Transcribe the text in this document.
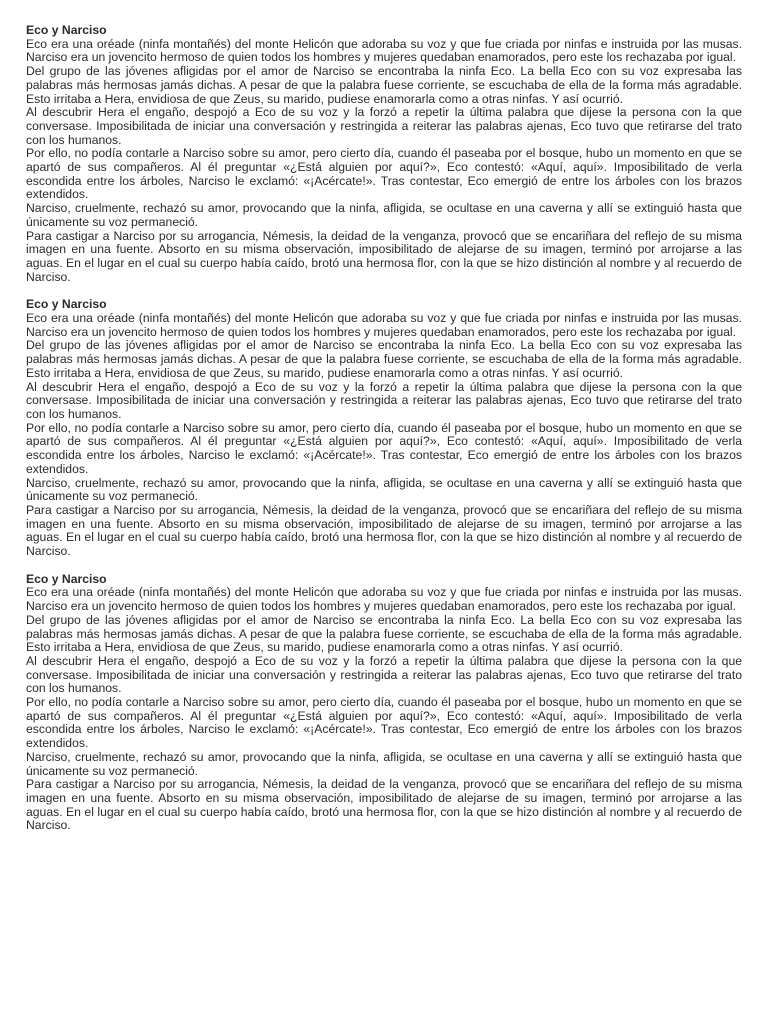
Eco y Narciso
Eco era una oréade (ninfa montañés) del monte Helicón que adoraba su voz y que fue criada por ninfas e instruida por las musas. Narciso era un jovencito hermoso de quien todos los hombres y mujeres quedaban enamorados, pero este los rechazaba por igual.
Del grupo de las jóvenes afligidas por el amor de Narciso se encontraba la ninfa Eco. La bella Eco con su voz expresaba las palabras más hermosas jamás dichas. A pesar de que la palabra fuese corriente, se escuchaba de ella de la forma más agradable. Esto irritaba a Hera, envidiosa de que Zeus, su marido, pudiese enamorarla como a otras ninfas. Y así ocurrió.
Al descubrir Hera el engaño, despojó a Eco de su voz y la forzó a repetir la última palabra que dijese la persona con la que conversase. Imposibilitada de iniciar una conversación y restringida a reiterar las palabras ajenas, Eco tuvo que retirarse del trato con los humanos.
Por ello, no podía contarle a Narciso sobre su amor, pero cierto día, cuando él paseaba por el bosque, hubo un momento en que se apartó de sus compañeros. Al él preguntar «¿Está alguien por aquí?», Eco contestó: «Aquí, aquí». Imposibilitado de verla escondida entre los árboles, Narciso le exclamó: «¡Acércate!». Tras contestar, Eco emergió de entre los árboles con los brazos extendidos.
Narciso, cruelmente, rechazó su amor, provocando que la ninfa, afligida, se ocultase en una caverna y allí se extinguió hasta que únicamente su voz permaneció.
Para castigar a Narciso por su arrogancia, Némesis, la deidad de la venganza, provocó que se encariñara del reflejo de su misma imagen en una fuente. Absorto en su misma observación, imposibilitado de alejarse de su imagen, terminó por arrojarse a las aguas. En el lugar en el cual su cuerpo había caído, brotó una hermosa flor, con la que se hizo distinción al nombre y al recuerdo de Narciso.
Eco y Narciso
Eco era una oréade (ninfa montañés) del monte Helicón que adoraba su voz y que fue criada por ninfas e instruida por las musas. Narciso era un jovencito hermoso de quien todos los hombres y mujeres quedaban enamorados, pero este los rechazaba por igual.
Del grupo de las jóvenes afligidas por el amor de Narciso se encontraba la ninfa Eco. La bella Eco con su voz expresaba las palabras más hermosas jamás dichas. A pesar de que la palabra fuese corriente, se escuchaba de ella de la forma más agradable. Esto irritaba a Hera, envidiosa de que Zeus, su marido, pudiese enamorarla como a otras ninfas. Y así ocurrió.
Al descubrir Hera el engaño, despojó a Eco de su voz y la forzó a repetir la última palabra que dijese la persona con la que conversase. Imposibilitada de iniciar una conversación y restringida a reiterar las palabras ajenas, Eco tuvo que retirarse del trato con los humanos.
Por ello, no podía contarle a Narciso sobre su amor, pero cierto día, cuando él paseaba por el bosque, hubo un momento en que se apartó de sus compañeros. Al él preguntar «¿Está alguien por aquí?», Eco contestó: «Aquí, aquí». Imposibilitado de verla escondida entre los árboles, Narciso le exclamó: «¡Acércate!». Tras contestar, Eco emergió de entre los árboles con los brazos extendidos.
Narciso, cruelmente, rechazó su amor, provocando que la ninfa, afligida, se ocultase en una caverna y allí se extinguió hasta que únicamente su voz permaneció.
Para castigar a Narciso por su arrogancia, Némesis, la deidad de la venganza, provocó que se encariñara del reflejo de su misma imagen en una fuente. Absorto en su misma observación, imposibilitado de alejarse de su imagen, terminó por arrojarse a las aguas. En el lugar en el cual su cuerpo había caído, brotó una hermosa flor, con la que se hizo distinción al nombre y al recuerdo de Narciso.
Eco y Narciso
Eco era una oréade (ninfa montañés) del monte Helicón que adoraba su voz y que fue criada por ninfas e instruida por las musas. Narciso era un jovencito hermoso de quien todos los hombres y mujeres quedaban enamorados, pero este los rechazaba por igual.
Del grupo de las jóvenes afligidas por el amor de Narciso se encontraba la ninfa Eco. La bella Eco con su voz expresaba las palabras más hermosas jamás dichas. A pesar de que la palabra fuese corriente, se escuchaba de ella de la forma más agradable. Esto irritaba a Hera, envidiosa de que Zeus, su marido, pudiese enamorarla como a otras ninfas. Y así ocurrió.
Al descubrir Hera el engaño, despojó a Eco de su voz y la forzó a repetir la última palabra que dijese la persona con la que conversase. Imposibilitada de iniciar una conversación y restringida a reiterar las palabras ajenas, Eco tuvo que retirarse del trato con los humanos.
Por ello, no podía contarle a Narciso sobre su amor, pero cierto día, cuando él paseaba por el bosque, hubo un momento en que se apartó de sus compañeros. Al él preguntar «¿Está alguien por aquí?», Eco contestó: «Aquí, aquí». Imposibilitado de verla escondida entre los árboles, Narciso le exclamó: «¡Acércate!». Tras contestar, Eco emergió de entre los árboles con los brazos extendidos.
Narciso, cruelmente, rechazó su amor, provocando que la ninfa, afligida, se ocultase en una caverna y allí se extinguió hasta que únicamente su voz permaneció.
Para castigar a Narciso por su arrogancia, Némesis, la deidad de la venganza, provocó que se encariñara del reflejo de su misma imagen en una fuente. Absorto en su misma observación, imposibilitado de alejarse de su imagen, terminó por arrojarse a las aguas. En el lugar en el cual su cuerpo había caído, brotó una hermosa flor, con la que se hizo distinción al nombre y al recuerdo de Narciso.
